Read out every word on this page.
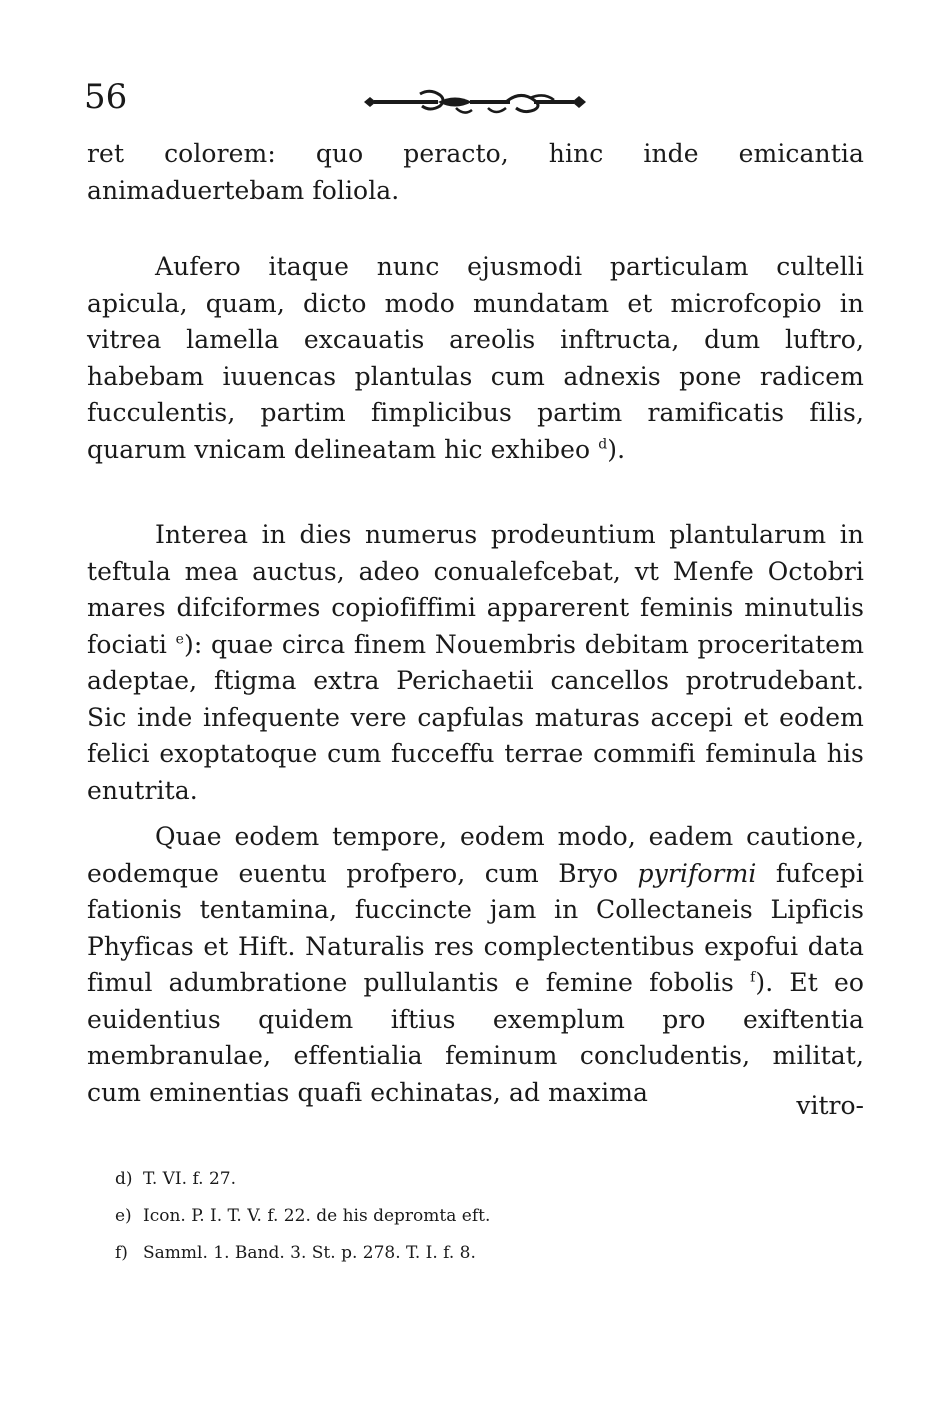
56

ret colorem: quo peracto, hinc inde emicantia animaduertebam foliola.

Aufero itaque nunc ejusmodi particulam cultelli apicula, quam, dicto modo mundatam et microfcopio in vitrea lamella excauatis areolis inftructa, dum luftro, habebam iuuencas plantulas cum adnexis pone radicem fucculentis, partim fimplicibus partim ramificatis filis, quarum vnicam delineatam hic exhibeo $^d$).

Interea in dies numerus prodeuntium plantularum in teftula mea auctus, adeo conualefcebat, vt Menfe Octobri mares difciformes copiofiffimi apparerent feminis minutulis fociati $^e$): quae circa finem Nouembris debitam proceritatem adeptae, ftigma extra Perichaetii cancellos protrudebant. Sic inde infequente vere capfulas maturas accepi et eodem felici exoptatoque cum fucceffu terrae commifi feminula his enutrita.

Quae eodem tempore, eodem modo, eadem cautione, eodemque euentu profpero, cum Bryo pyriformi fufcepi fationis tentamina, fuccincte jam in Collectaneis Lipficis Phyficas et Hift. Naturalis res complectentibus expofui data fimul adumbratione pullulantis e femine fobolis $^f$). Et eo euidentius quidem iftius exemplum pro exiftentia membranulae, effentialia feminum concludentis, militat, cum eminentias quafi echinatas, ad maxima	vitro-
d) T. VI. f. 27.
e) Icon. P. I. T. V. f. 22. de his depromta eft.
f) Samml. 1. Band. 3. St. p. 278. T. I. f. 8.
